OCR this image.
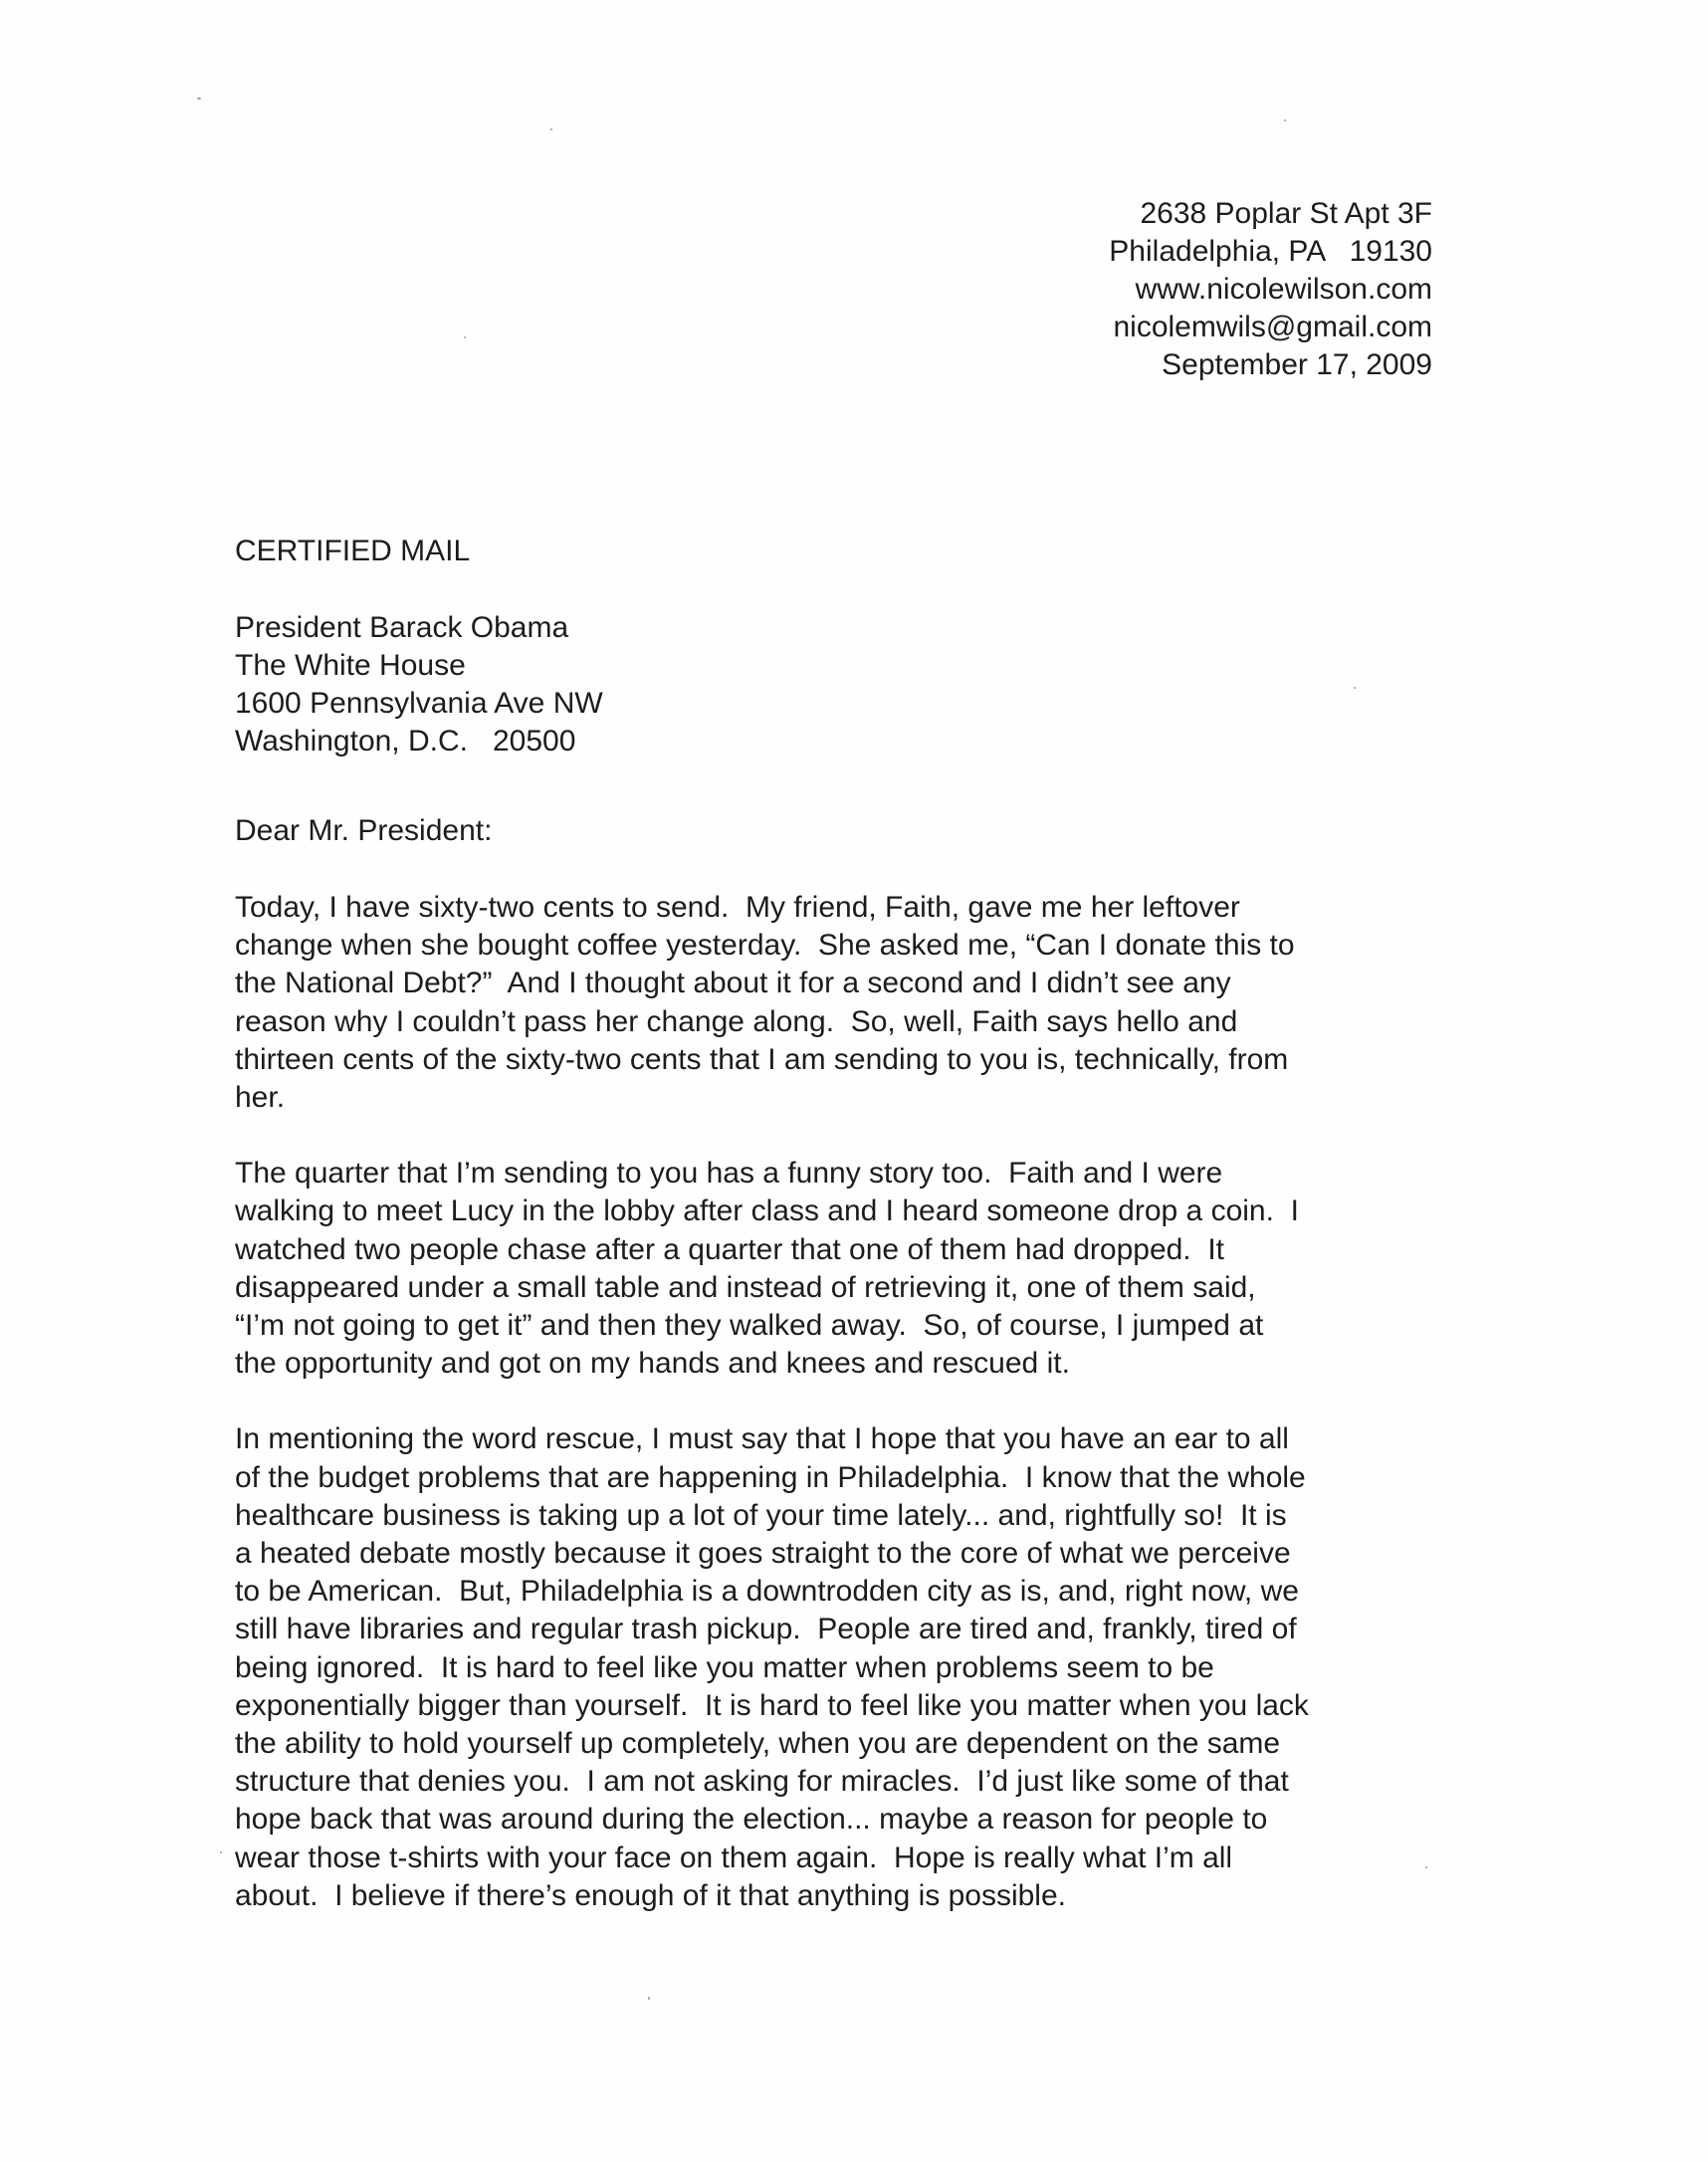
2638 Poplar St Apt 3F
Philadelphia, PA   19130
www.nicolewilson.com
nicolemwils@gmail.com
September 17, 2009
CERTIFIED MAIL
President Barack Obama
The White House
1600 Pennsylvania Ave NW
Washington, D.C.   20500
Dear Mr. President:
Today, I have sixty-two cents to send.  My friend, Faith, gave me her leftover
change when she bought coffee yesterday.  She asked me, “Can I donate this to
the National Debt?”  And I thought about it for a second and I didn’t see any
reason why I couldn’t pass her change along.  So, well, Faith says hello and
thirteen cents of the sixty-two cents that I am sending to you is, technically, from
her.
The quarter that I’m sending to you has a funny story too.  Faith and I were
walking to meet Lucy in the lobby after class and I heard someone drop a coin.  I
watched two people chase after a quarter that one of them had dropped.  It
disappeared under a small table and instead of retrieving it, one of them said,
“I’m not going to get it” and then they walked away.  So, of course, I jumped at
the opportunity and got on my hands and knees and rescued it.
In mentioning the word rescue, I must say that I hope that you have an ear to all
of the budget problems that are happening in Philadelphia.  I know that the whole
healthcare business is taking up a lot of your time lately... and, rightfully so!  It is
a heated debate mostly because it goes straight to the core of what we perceive
to be American.  But, Philadelphia is a downtrodden city as is, and, right now, we
still have libraries and regular trash pickup.  People are tired and, frankly, tired of
being ignored.  It is hard to feel like you matter when problems seem to be
exponentially bigger than yourself.  It is hard to feel like you matter when you lack
the ability to hold yourself up completely, when you are dependent on the same
structure that denies you.  I am not asking for miracles.  I’d just like some of that
hope back that was around during the election... maybe a reason for people to
wear those t-shirts with your face on them again.  Hope is really what I’m all
about.  I believe if there’s enough of it that anything is possible.
